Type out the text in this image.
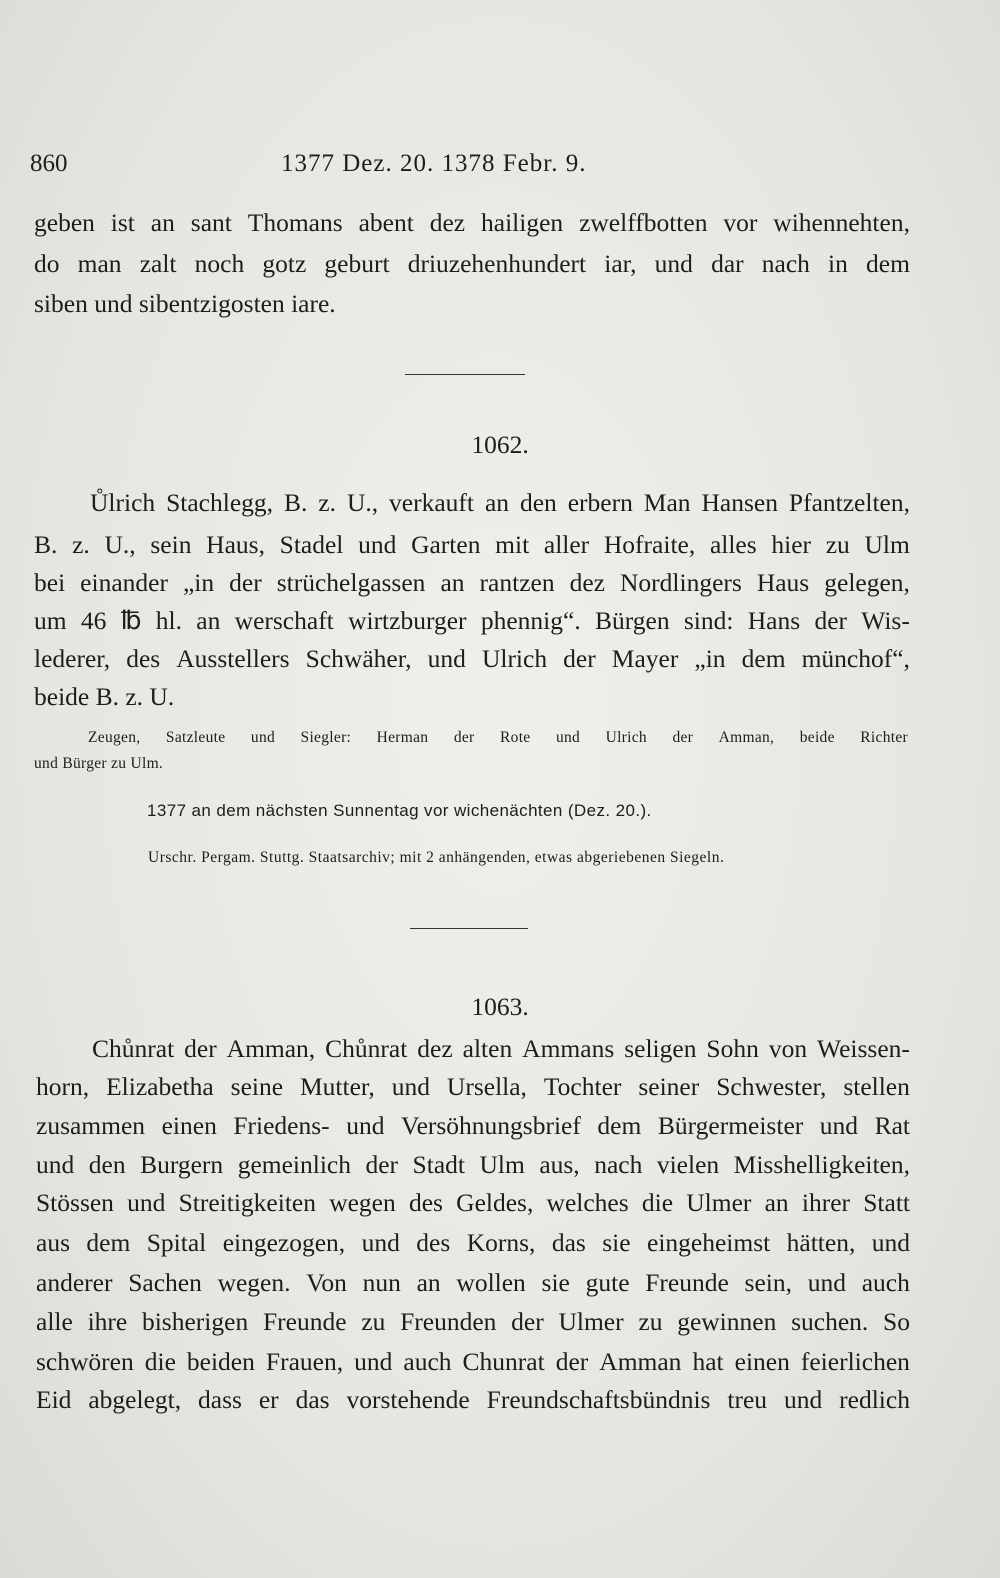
860	1377 Dez. 20. 1378 Febr. 9.
geben ist an sant Thomans abent dez hailigen zwelffbotten vor wihennehten,
do man zalt noch gotz geburt driuzehenhundert iar, und dar nach in dem
siben und sibentzigosten iare.
1062.
Ůlrich Stachlegg, B. z. U., verkauft an den erbern Man Hansen Pfantzelten,
B. z. U., sein Haus, Stadel und Garten mit aller Hofraite, alles hier zu Ulm
bei einander „in der strüchelgassen an rantzen dez Nordlingers Haus gelegen,
um 46 ℔ hl. an werschaft wirtzburger phennig“. Bürgen sind: Hans der Wis-
lederer, des Ausstellers Schwäher, und Ulrich der Mayer „in dem münchof“,
beide B. z. U.
Zeugen, Satzleute und Siegler: Herman der Rote und Ulrich der Amman, beide Richter
und Bürger zu Ulm.
1377 an dem nächsten Sunnentag vor wichenächten (Dez. 20.).
Urschr. Pergam. Stuttg. Staatsarchiv; mit 2 anhängenden, etwas abgeriebenen Siegeln.
1063.
Chůnrat der Amman, Chůnrat dez alten Ammans seligen Sohn von Weissen-
horn, Elizabetha seine Mutter, und Ursella, Tochter seiner Schwester, stellen
zusammen einen Friedens- und Versöhnungsbrief dem Bürgermeister und Rat
und den Burgern gemeinlich der Stadt Ulm aus, nach vielen Misshelligkeiten,
Stössen und Streitigkeiten wegen des Geldes, welches die Ulmer an ihrer Statt
aus dem Spital eingezogen, und des Korns, das sie eingeheimst hätten, und
anderer Sachen wegen. Von nun an wollen sie gute Freunde sein, und auch
alle ihre bisherigen Freunde zu Freunden der Ulmer zu gewinnen suchen. So
schwören die beiden Frauen, und auch Chunrat der Amman hat einen feierlichen
Eid abgelegt, dass er das vorstehende Freundschaftsbündnis treu und redlich
